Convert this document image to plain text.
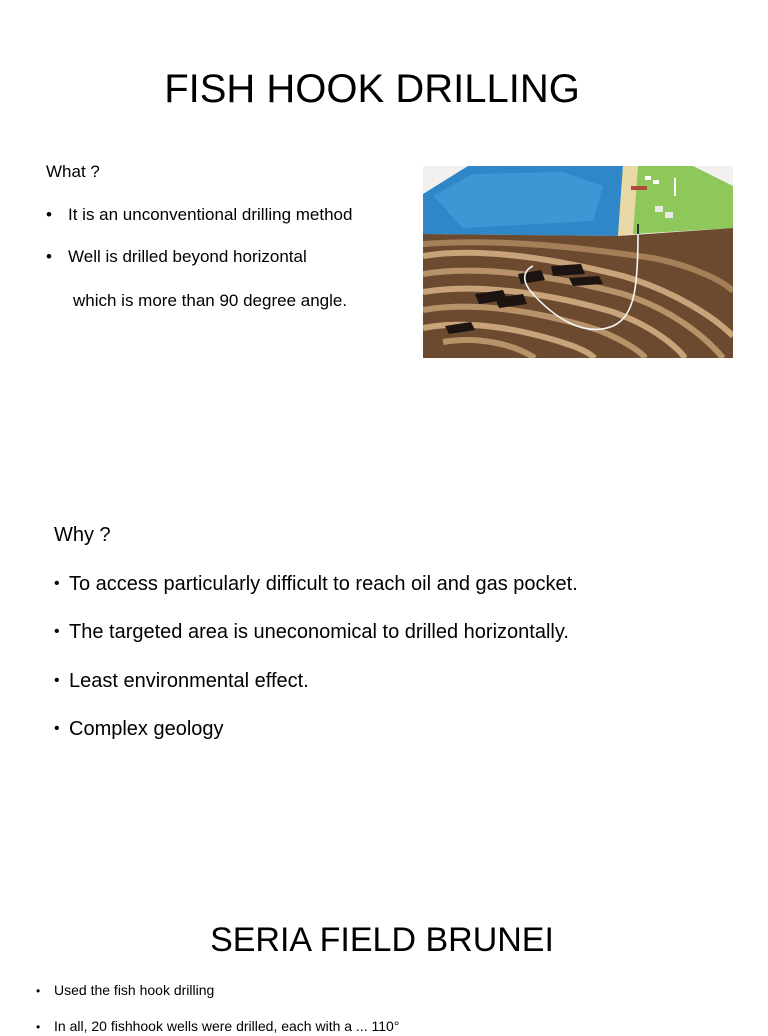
FISH HOOK DRILLING

What ?

• It is an unconventional drilling method

• Well is drilled beyond horizontal

which is more than 90 degree angle.

Why ?

• To access particularly difficult to reach oil and gas pocket.

• The targeted area is uneconomical to drilled horizontally.

• Least environmental effect.

• Complex geology

SERIA FIELD BRUNEI

• Used the fish hook drilling

• In all, 20 fishhook wells were drilled, each with a ... 110°
